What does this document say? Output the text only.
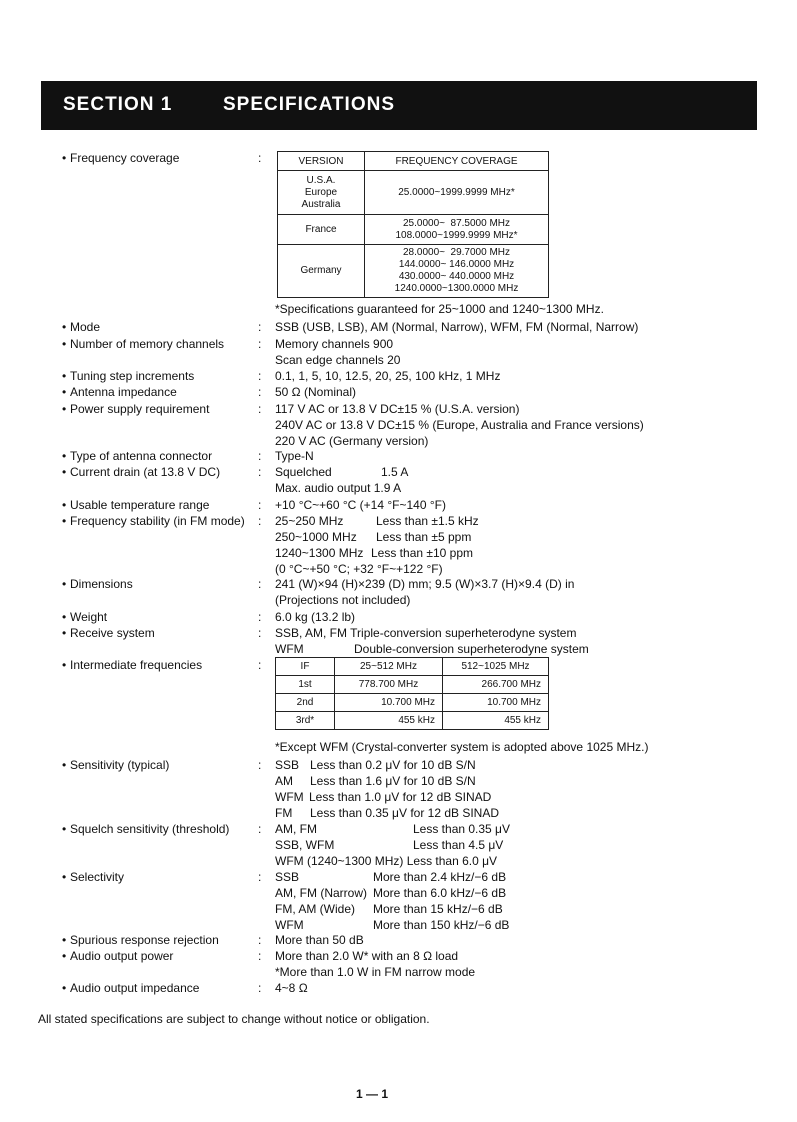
SECTION 1	SPECIFICATIONS
• Frequency coverage	:	VERSION	FREQUENCY COVERAGE

U.S.A.
Europe
Australia	25.0000~1999.9999 MHz*
France	25.0000~  87.5000 MHz
108.0000~1999.9999 MHz*

Germany	28.0000~  29.7000 MHz
144.0000~ 146.0000 MHz
430.0000~ 440.0000 MHz
1240.0000~1300.0000 MHz
*Specifications guaranteed for 25~1000 and 1240~1300 MHz.
• Mode	: SSB (USB, LSB), AM (Normal, Narrow), WFM, FM (Normal, Narrow)
• Number of memory channels	: Memory channels 900
Scan edge channels 20
• Tuning step increments	: 0.1, 1, 5, 10, 12.5, 20, 25, 100 kHz, 1 MHz
• Antenna impedance	: 50 Ω (Nominal)
• Power supply requirement	: 117 V AC or 13.8 V DC±15 % (U.S.A. version)
240V AC or 13.8 V DC±15 % (Europe, Australia and France versions)
220 V AC (Germany version)
• Type of antenna connector	: Type-N
• Current drain (at 13.8 V DC)	: Squelched	1.5 A
Max. audio output 1.9 A
• Usable temperature range	: +10 °C~+60 °C (+14 °F~140 °F)
• Frequency stability (in FM mode) : 25~250 MHz	Less than ±1.5 kHz
250~1000 MHz Less than ±5 ppm
1240~1300 MHz Less than ±10 ppm
(0 °C~+50 °C; +32 °F~+122 °F)
• Dimensions	: 241 (W)×94 (H)×239 (D) mm; 9.5 (W)×3.7 (H)×9.4 (D) in
(Projections not included)
• Weight	: 6.0 kg (13.2 lb)
• Receive system	: SSB, AM, FM Triple-conversion superheterodyne system
WFM	Double-conversion superheterodyne system
• Intermediate frequencies	:	IF	25~512 MHz	512~1025 MHz
1st	778.700 MHz	266.700 MHz
2nd	10.700 MHz	10.700 MHz
3rd*	455 kHz	455 kHz
*Except WFM (Crystal-converter system is adopted above 1025 MHz.)
• Sensitivity (typical)	: SSB Less than 0.2 μV for 10 dB S/N
AM Less than 1.6 μV for 10 dB S/N
WFM Less than 1.0 μV for 12 dB SINAD
FM Less than 0.35 μV for 12 dB SINAD
• Squelch sensitivity (threshold) : AM, FM	Less than 0.35 μV
SSB, WFM	Less than 4.5 μV
WFM (1240~1300 MHz) Less than 6.0 μV
• Selectivity	: SSB	More than 2.4 kHz/−6 dB
AM, FM (Narrow) More than 6.0 kHz/−6 dB
FM, AM (Wide) More than 15 kHz/−6 dB
WFM	More than 150 kHz/−6 dB
• Spurious response rejection	: More than 50 dB
• Audio output power	: More than 2.0 W* with an 8 Ω load
*More than 1.0 W in FM narrow mode
• Audio output impedance	: 4~8 Ω
All stated specifications are subject to change without notice or obligation.
1 — 1
